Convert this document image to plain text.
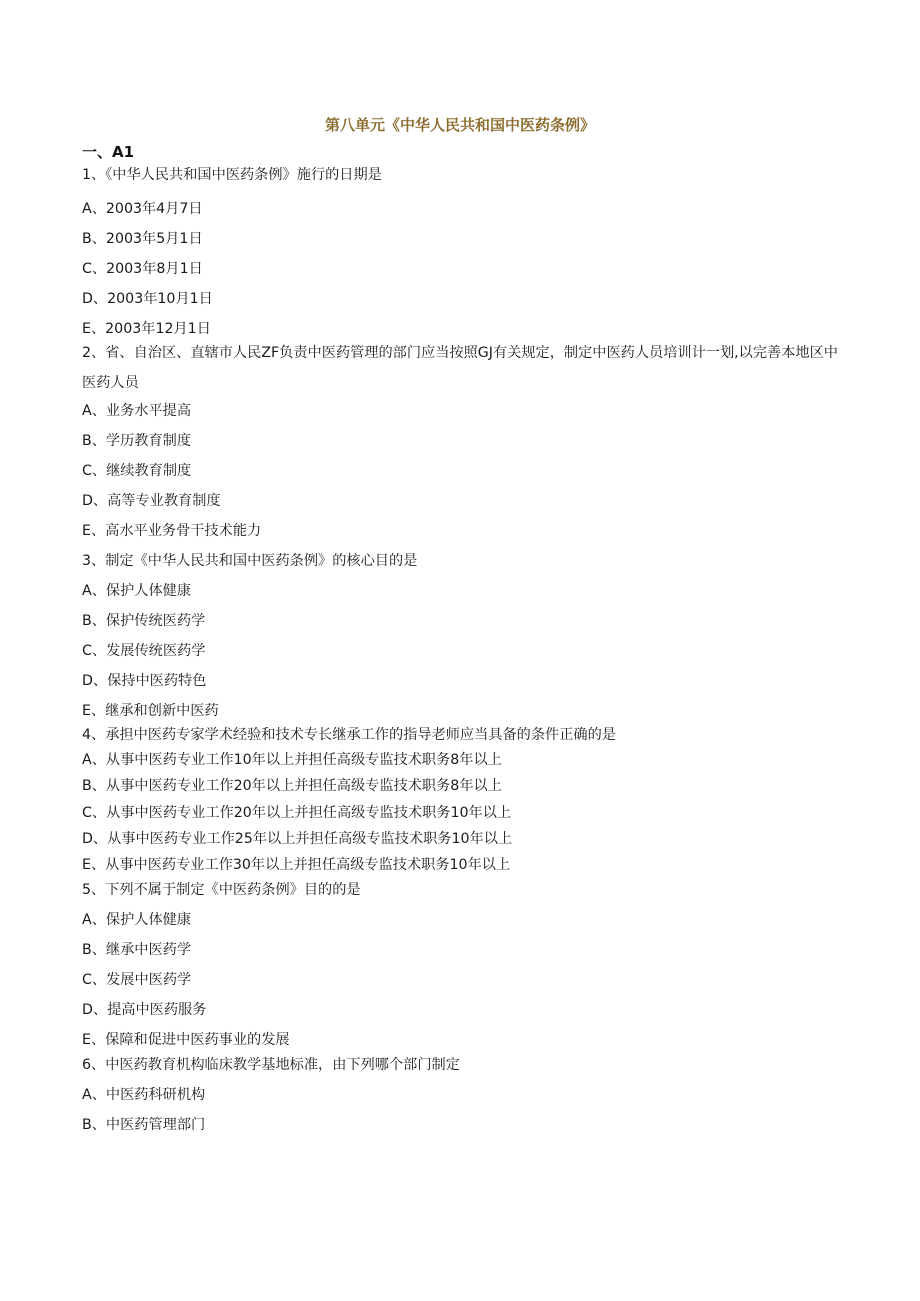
第八单元《中华人民共和国中医药条例》
一、A1
1、《中华人民共和国中医药条例》施行的日期是
A、2003年4月7日
B、2003年5月1日
C、2003年8月1日
D、2003年10月1日
E、2003年12月1日
2、省、自治区、直辖市人民ZF负责中医药管理的部门应当按照GJ有关规定，制定中医药人员培训计一划,以完善本地区中医药人员
A、业务水平提高
B、学历教育制度
C、继续教育制度
D、高等专业教育制度
E、高水平业务骨干技术能力
3、制定《中华人民共和国中医药条例》的核心目的是
A、保护人体健康
B、保护传统医药学
C、发展传统医药学
D、保持中医药特色
E、继承和创新中医药
4、承担中医药专家学术经验和技术专长继承工作的指导老师应当具备的条件正确的是
A、从事中医药专业工作10年以上并担任高级专监技术职务8年以上
B、从事中医药专业工作20年以上并担任高级专监技术职务8年以上
C、从事中医药专业工作20年以上并担任高级专监技术职务10年以上
D、从事中医药专业工作25年以上并担任高级专监技术职务10年以上
E、从事中医药专业工作30年以上并担任高级专监技术职务10年以上
5、下列不属于制定《中医药条例》目的的是
A、保护人体健康
B、继承中医药学
C、发展中医药学
D、提高中医药服务
E、保障和促进中医药事业的发展
6、中医药教育机构临床教学基地标准，由下列哪个部门制定
A、中医药科研机构
B、中医药管理部门
